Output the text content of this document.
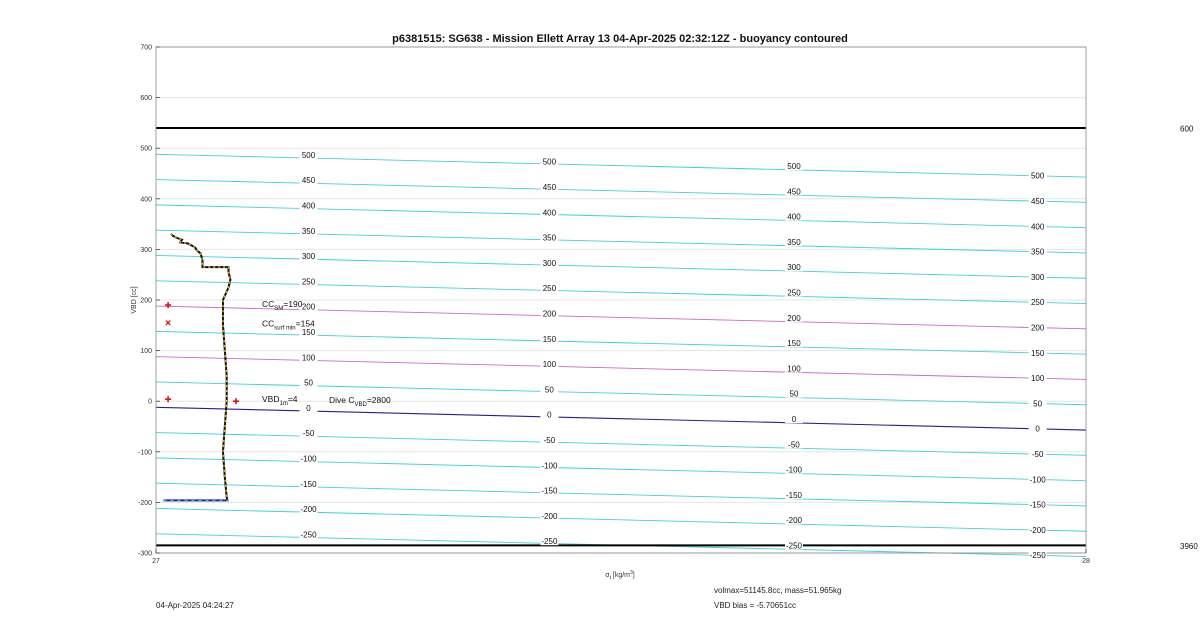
600
3960
-300
-200
-100
0
100
200
300
400
500
600
700
27	28
VBD [cc]
$\sigma_t$ $[kg/m^3]$
500
450
400
350
300
250
200
150
100
50
0
-50
-100
-150
-200
-250
500
450
400
350
300
250
200
150
100
50
0
-50
-100
-150
-200
-250
500
450
400
350
300
250
200
150
100
50
0
-50
-100
-150
-200
-250
500
450
400
350
300
250
200
150
100
50
0
-50
-100
-150
-200
-250
$CC_{SM}=190$
$CC_{surf min}=154$
$VBD_{1m}=4$	Dive $C_{VBD}=2800$
p6381515: SG638 - Mission Ellett Array 13 04-Apr-2025 02:32:12Z - buoyancy contoured
04-Apr-2025 04:24:27
volmax=51145.8cc, mass=51.965kg
VBD bias = -5.70651cc
